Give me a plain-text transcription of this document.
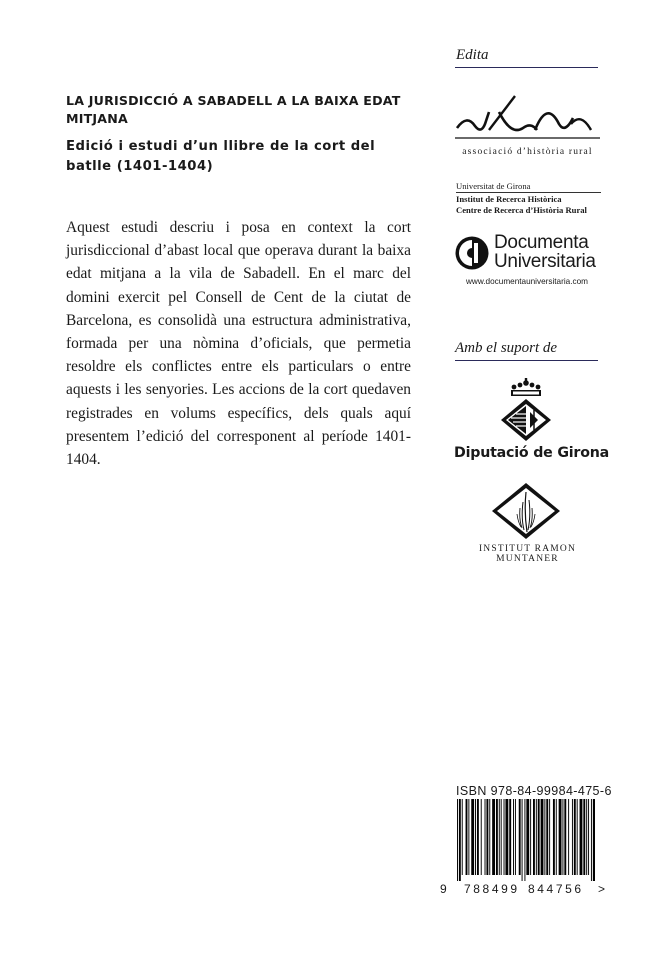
LA JURISDICCIÓ A SABADELL A LA BAIXA EDAT MITJANA
Edició i estudi d’un llibre de la cort del batlle (1401-1404)

Aquest estudi descriu i posa en context la cort jurisdiccional d’abast local que operava durant la baixa edat mitjana a la vila de Sabadell. En el marc del domini exercit pel Consell de Cent de la ciutat de Barcelona, es consolidà una estructura administrativa, formada per una nòmina d’oficials, que permetia resoldre els conflictes entre els particulars o entre aquests i les senyories. Les accions de la cort quedaven registrades en volums específics, dels quals aquí presentem l’edició del corresponent al període 1401-1404.

Edita
associació d’història rural
Universitat de Girona
Institut de Recerca Històrica
Centre de Recerca d’Història Rural
Documenta
Universitaria
www.documentauniversitaria.com
Amb el suport de
Diputació de Girona
INSTITUT RAMON MUNTANER
ISBN 978-84-99984-475-6
9 788499 844756 >
